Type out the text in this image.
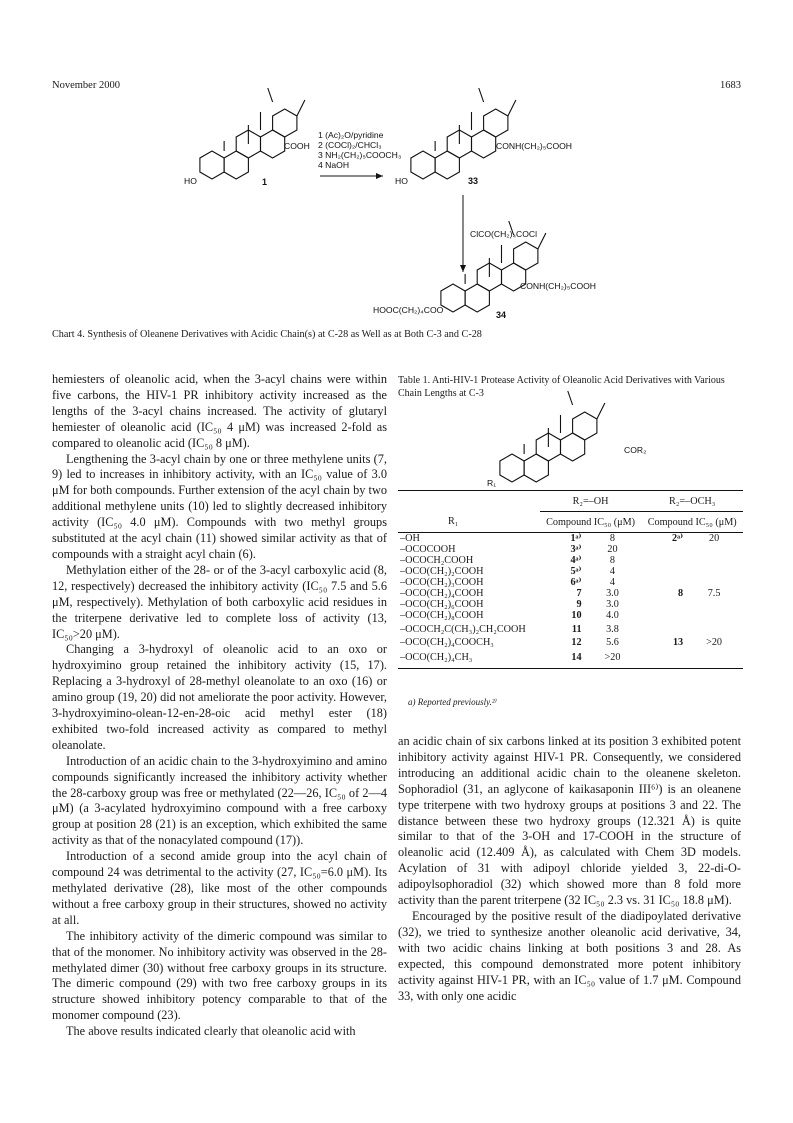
November 2000	1683
1 (Ac)₂O/pyridine
2 (COCl)₂/CHCl₃
3 NH₂(CH₂)₅COOCH₃
4 NaOH
ClCO(CH₂)₄COCl
HO
COOH
HO
CONH(CH₂)₅COOH
CONH(CH₂)₅COOH
HOOC(CH₂)₄COO
R₁
COR₂
1	33
34
Chart 4. Synthesis of Oleanene Derivatives with Acidic Chain(s) at C-28 as Well as at Both C-3 and C-28

hemiesters of oleanolic acid, when the 3-acyl chains were within five carbons, the HIV-1 PR inhibitory activity increased as the lengths of the 3-acyl chains increased. The activity of glutaryl hemiester of oleanolic acid (IC₅₀ 4 μM) was increased 2-fold as compared to oleanolic acid (IC₅₀ 8 μM).

Lengthening the 3-acyl chain by one or three methylene units (7, 9) led to increases in inhibitory activity, with an IC₅₀ value of 3.0 μM for both compounds. Further extension of the acyl chain by two additional methylene units (10) led to slightly decreased inhibitory activity (IC₅₀ 4.0 μM). Compounds with two methyl groups substituted at the acyl chain (11) showed similar activity as that of compounds with a straight acyl chain (6).

Methylation either of the 28- or of the 3-acyl carboxylic acid (8, 12, respectively) decreased the inhibitory activity (IC₅₀ 7.5 and 5.6 μM, respectively). Methylation of both carboxylic acid residues in the triterpene derivative led to complete loss of activity (13, IC₅₀>20 μM).

Changing a 3-hydroxyl of oleanolic acid to an oxo or hydroxyimino group retained the inhibitory activity (15, 17). Replacing a 3-hydroxyl of 28-methyl oleanolate to an oxo (16) or amino group (19, 20) did not ameliorate the poor activity. However, 3-hydroxyimino-olean-12-en-28-oic acid methyl ester (18) exhibited two-fold increased activity as compared to methyl oleanolate.

Introduction of an acidic chain to the 3-hydroxyimino and amino compounds significantly increased the inhibitory activity whether the 28-carboxy group was free or methylated (22—26, IC₅₀ of 2—4 μM) (a 3-acylated hydroxyimino compound with a free carboxy group at position 28 (21) is an exception, which exhibited the same activity as that of the nonacylated compound (17)).

Introduction of a second amide group into the acyl chain of compound 24 was detrimental to the activity (27, IC₅₀=6.0 μM). Its methylated derivative (28), like most of the other compounds without a free carboxy group in their structures, showed no activity at all.

The inhibitory activity of the dimeric compound was similar to that of the monomer. No inhibitory activity was observed in the 28-methylated dimer (30) without free carboxy groups in its structure. The dimeric compound (29) with two free carboxy groups in its structure showed inhibitory potency comparable to that of the monomer compound (23).

The above results indicated clearly that oleanolic acid with

Table 1. Anti-HIV-1 Protease Activity of Oleanolic Acid Derivatives with Various Chain Lengths at C-3
	R₂=–OH		R₂=–OCH₃	
R₁	Compound IC₅₀ (μM)		Compound IC₅₀ (μM)	
–OH	1ᵃ⁾	8	2ᵃ⁾	20
–OCOCOOH	3ᵃ⁾	20		
–OCOCH₂COOH	4ᵃ⁾	8		
–OCO(CH₂)₂COOH	5ᵃ⁾	4		
–OCO(CH₂)₃COOH	6ᵃ⁾	4		
–OCO(CH₂)₄COOH	7	3.0	8	7.5
–OCO(CH₂)₆COOH	9	3.0		
–OCO(CH₂)₈COOH	10	4.0		
–OCOCH₂C(CH₃)₂CH₂COOH	11	3.8		
–OCO(CH₂)₄COOCH₃	12	5.6	13	>20
–OCO(CH₂)₄CH₃	14	>20		
a) Reported previously.²⁾

an acidic chain of six carbons linked at its position 3 exhibited potent inhibitory activity against HIV-1 PR. Consequently, we considered introducing an additional acidic chain to the oleanene skeleton. Sophoradiol (31, an aglycone of kaikasaponin III⁶⁾) is an oleanene type triterpene with two hydroxy groups at positions 3 and 22. The distance between these two hydroxy groups (12.321 Å) is quite similar to that of the 3-OH and 17-COOH in the structure of oleanolic acid (12.409 Å), as calculated with Chem 3D models. Acylation of 31 with adipoyl chloride yielded 3, 22-di-O-adipoylsophoradiol (32) which showed more than 8 fold more activity than the parent triterpene (32 IC₅₀ 2.3 vs. 31 IC₅₀ 18.8 μM).

Encouraged by the positive result of the diadipoylated derivative (32), we tried to synthesize another oleanolic acid derivative, 34, with two acidic chains linking at both positions 3 and 28. As expected, this compound demonstrated more potent inhibitory activity against HIV-1 PR, with an IC₅₀ value of 1.7 μM. Compound 33, with only one acidic
